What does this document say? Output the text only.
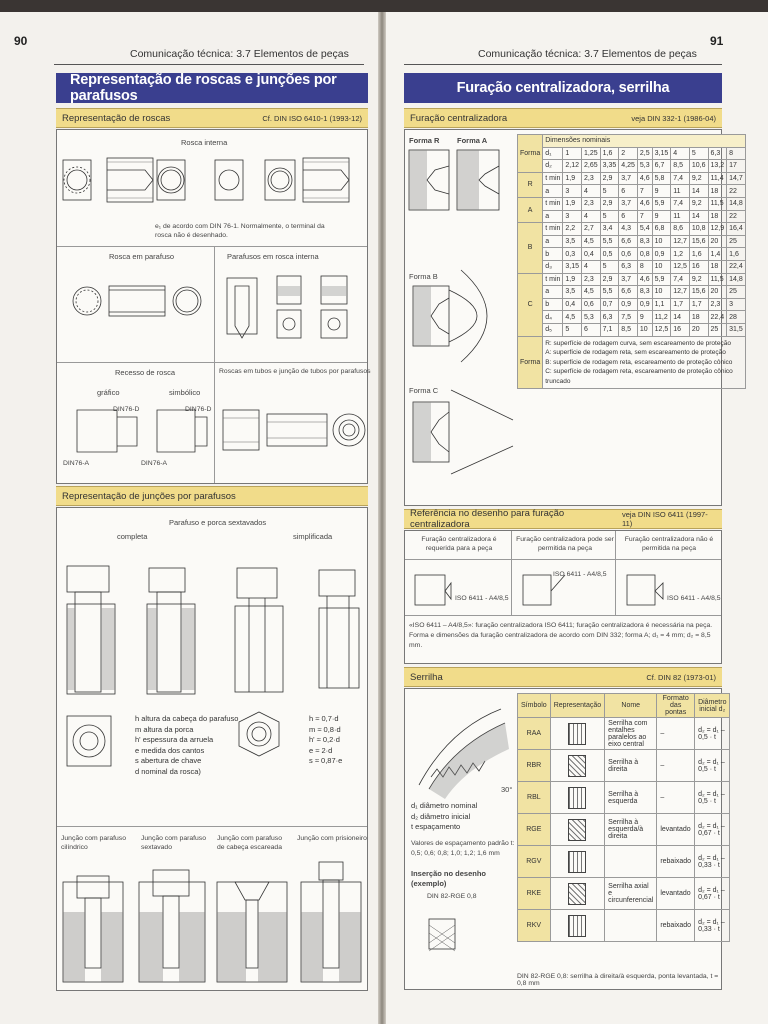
90
Comunicação técnica: 3.7 Elementos de peças
Representação de roscas e junções por parafusos
Representação de roscas	Cf. DIN ISO 6410-1 (1993-12)
Rosca interna
e₁ de acordo com DIN 76-1. Normalmente, o terminal da rosca não é desenhado.
Rosca em parafuso	Parafusos em rosca interna
Recesso de rosca
gráfico	simbólico
DIN76-D	DIN76-D
DIN76-A	DIN76-A
Roscas em tubos e junção de tubos por parafusos
Representação de junções por parafusos
Parafuso e porca sextavados
completa	simplificada
h altura da cabeça do parafuso
m altura da porca
h' espessura da arruela
e medida dos cantos
s abertura de chave
d nominal da rosca)
h ≈ 0,7·d
m ≈ 0,8·d
h' ≈ 0,2·d
e ≈ 2·d
s ≈ 0,87·e
Junção com parafuso cilíndrico
Junção com parafuso sextavado
Junção com parafuso de cabeça escareada
Junção com prisioneiro
91
Comunicação técnica: 3.7 Elementos de peças
Furação centralizadora, serrilha
Furação centralizadora	veja DIN 332-1 (1986-04)
Forma R Forma A
Forma B
Forma C
Forma	Dimensões nominais										
	d₁	1	1,25	1,6	2	2,5	3,15	4	5	6,3	8
	d₂	2,12	2,65	3,35	4,25	5,3	6,7	8,5	10,6	13,2	17
R	t min	1,9	2,3	2,9	3,7	4,6	5,8	7,4	9,2	11,4	14,7
	a	3	4	5	6	7	9	11	14	18	22
A	t min	1,9	2,3	2,9	3,7	4,6	5,9	7,4	9,2	11,5	14,8
	a	3	4	5	6	7	9	11	14	18	22
B	t min	2,2	2,7	3,4	4,3	5,4	6,8	8,6	10,8	12,9	16,4
	a	3,5	4,5	5,5	6,6	8,3	10	12,7	15,6	20	25
	b	0,3	0,4	0,5	0,6	0,8	0,9	1,2	1,6	1,4	1,6
	d₃	3,15	4	5	6,3	8	10	12,5	16	18	22,4
C	t min	1,9	2,3	2,9	3,7	4,6	5,9	7,4	9,2	11,5	14,8
	a	3,5	4,5	5,5	6,6	8,3	10	12,7	15,6	20	25
	b	0,4	0,6	0,7	0,9	0,9	1,1	1,7	1,7	2,3	3
	d₄	4,5	5,3	6,3	7,5	9	11,2	14	18	22,4	28
	d₅	5	6	7,1	8,5	10	12,5	16	20	25	31,5
Forma	R: superfície de rodagem curva, sem escareamento de proteção
A: superfície de rodagem reta, sem escareamento de proteção
B: superfície de rodagem reta, escareamento de proteção cônico
C: superfície de rodagem reta, escareamento de proteção cônico truncado										
Referência no desenho para furação centralizadora
veja DIN ISO 6411 (1997-11)
Furação centralizadora é requerida para a peça
Furação centralizadora pode ser permitida na peça
Furação centralizadora não é permitida na peça
ISO 6411 - A4/8,5
ISO 6411 - A4/8,5
ISO 6411 - A4/8,5
«ISO 6411 – A4/8,5»: furação centralizadora ISO 6411; furação centralizadora é necessária na peça.
Forma e dimensões da furação centralizadora de acordo com DIN 332; forma A; d₁ = 4 mm; d₂ = 8,5 mm.
Serrilha	Cf. DIN 82 (1973-01)
30°
d₁ diâmetro nominal
d₂ diâmetro inicial
t espaçamento
Valores de espaçamento padrão t: 0,5; 0,6; 0,8; 1,0; 1,2; 1,6 mm
Inserção no desenho (exemplo)
DIN 82-RGE 0,8
Símbolo	Representação	Nome	Formato das pontas	Diâmetro inicial d₂
RAA		Serrilha com entalhes paralelos ao eixo central	–	d₂ = d₁ – 0,5 · t
RBR		Serrilha à direita	–	d₂ = d₁ – 0,5 · t
RBL		Serrilha à esquerda	–	d₂ = d₁ – 0,5 · t
RGE		Serrilha à esquerda/à direita	levantado	d₂ = d₁ – 0,67 · t
RGV			rebaixado	d₂ = d₁ – 0,33 · t
RKE		Serrilha axial e circunferencial	levantado	d₂ = d₁ – 0,67 · t
RKV			rebaixado	d₂ = d₁ – 0,33 · t
DIN 82-RGE 0,8: serrilha à direita/à esquerda, ponta levantada, t = 0,8 mm
